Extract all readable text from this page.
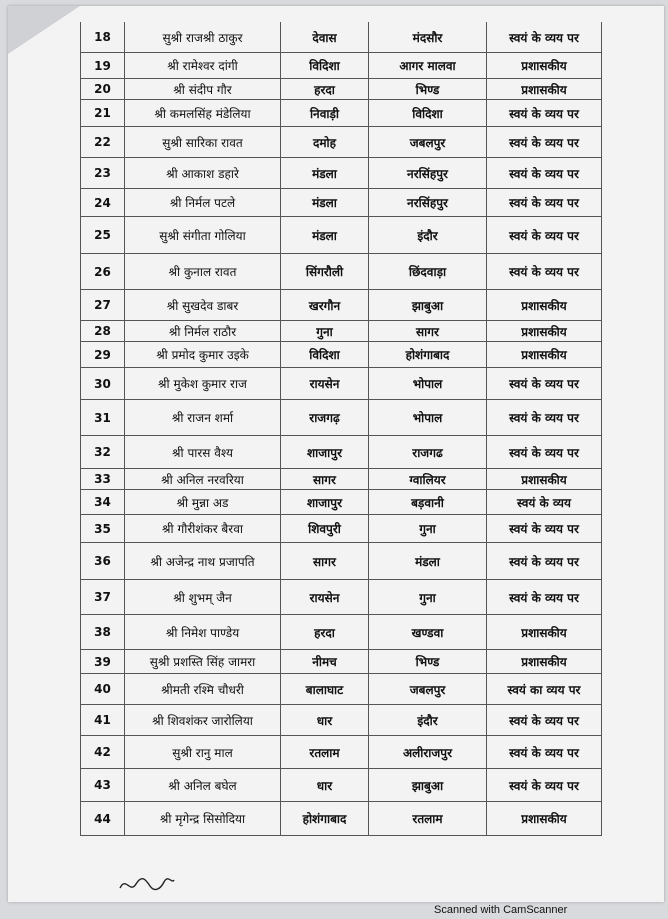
18	सुश्री राजश्री ठाकुर	देवास	मंदसौर	स्वयं के व्यय पर
19	श्री रामेश्वर दांगी	विदिशा	आगर मालवा	प्रशासकीय
20	श्री संदीप गौर	हरदा	भिण्ड	प्रशासकीय
21	श्री कमलसिंह मंडेलिया	निवाड़ी	विदिशा	स्वयं के व्यय पर
22	सुश्री सारिका रावत	दमोह	जबलपुर	स्वयं के व्यय पर
23	श्री आकाश डहारे	मंडला	नरसिंहपुर	स्वयं के व्यय पर
24	श्री निर्मल पटले	मंडला	नरसिंहपुर	स्वयं के व्यय पर
25	सुश्री संगीता गोलिया	मंडला	इंदौर	स्वयं के व्यय पर
26	श्री कुनाल रावत	सिंगरौली	छिंदवाड़ा	स्वयं के व्यय पर
27	श्री सुखदेव डाबर	खरगौन	झाबुआ	प्रशासकीय
28	श्री निर्मल राठौर	गुना	सागर	प्रशासकीय
29	श्री प्रमोद कुमार उइके	विदिशा	होशंगाबाद	प्रशासकीय
30	श्री मुकेश कुमार राज	रायसेन	भोपाल	स्वयं के व्यय पर
31	श्री राजन शर्मा	राजगढ़	भोपाल	स्वयं के व्यय पर
32	श्री पारस वैश्य	शाजापुर	राजगढ	स्वयं के व्यय पर
33	श्री अनिल नरवरिया	सागर	ग्वालियर	प्रशासकीय
34	श्री मुन्ना अड	शाजापुर	बड़वानी	स्वयं के व्यय
35	श्री गौरीशंकर बैरवा	शिवपुरी	गुना	स्वयं के व्यय पर
36	श्री अजेन्द्र नाथ प्रजापति	सागर	मंडला	स्वयं के व्यय पर
37	श्री शुभम् जैन	रायसेन	गुना	स्वयं के व्यय पर
38	श्री निमेश पाण्डेय	हरदा	खण्डवा	प्रशासकीय
39	सुश्री प्रशस्ति सिंह जामरा	नीमच	भिण्ड	प्रशासकीय
40	श्रीमती रश्मि चौधरी	बालाघाट	जबलपुर	स्वयं का व्यय पर
41	श्री शिवशंकर जारोलिया	धार	इंदौर	स्वयं के व्यय पर
42	सुश्री रानु माल	रतलाम	अलीराजपुर	स्वयं के व्यय पर
43	श्री अनिल बघेल	धार	झाबुआ	स्वयं के व्यय पर
44	श्री मृगेन्द्र सिसोदिया	होशंगाबाद	रतलाम	प्रशासकीय
Scanned with CamScanner
